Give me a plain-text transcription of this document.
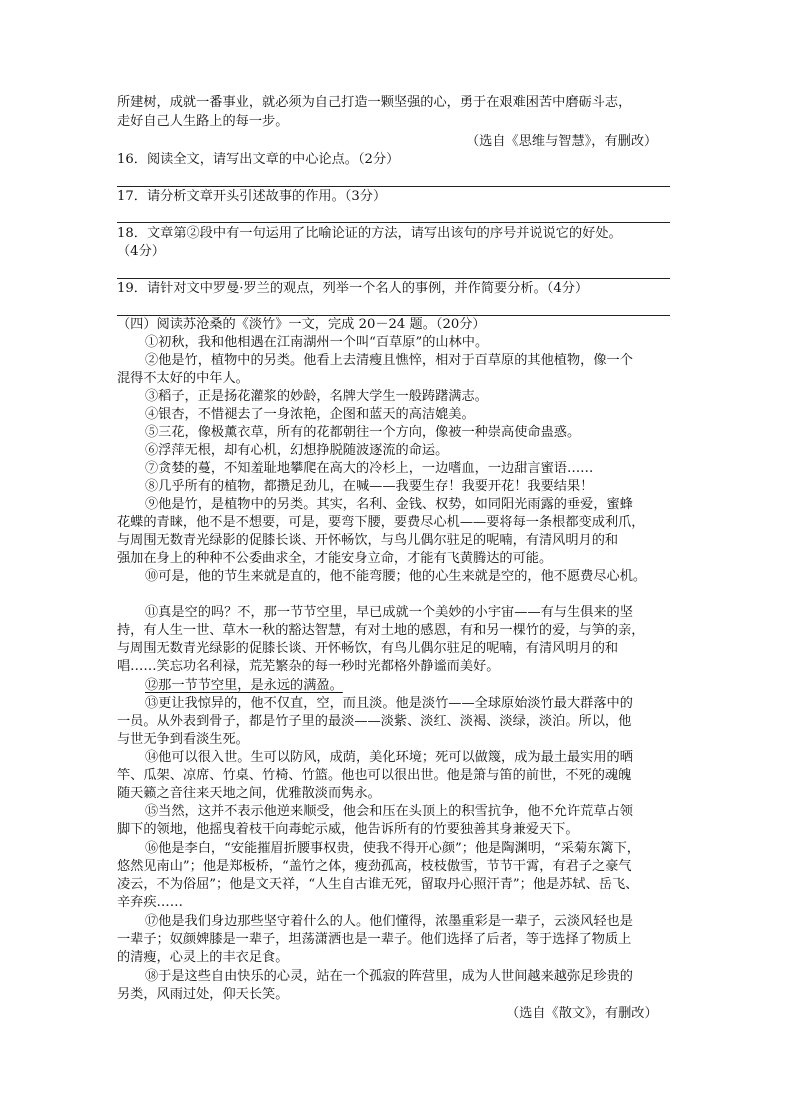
所建树，成就一番事业，就必须为自己打造一颗坚强的心，勇于在艰难困苦中磨砺斗志，
走好自己人生路上的每一步。
（选自《思维与智慧》，有删改）
16．阅读全文，请写出文章的中心论点。（2分）
17．请分析文章开头引述故事的作用。（3分）
18．文章第②段中有一句运用了比喻论证的方法，请写出该句的序号并说说它的好处。
（4分）
19．请针对文中罗曼·罗兰的观点，列举一个名人的事例，并作简要分析。（4分）
（四）阅读苏沧桑的《淡竹》一文，完成 20－24 题。（20分）
①初秋，我和他相遇在江南湖州一个叫“百草原”的山林中。
②他是竹，植物中的另类。他看上去清瘦且憔悴，相对于百草原的其他植物，像一个
混得不太好的中年人。
③稻子，正是扬花灌浆的妙龄，名牌大学生一般踌躇满志。
④银杏，不惜褪去了一身浓艳，企图和蓝天的高洁媲美。
⑤三花，像极薰衣草，所有的花都朝往一个方向，像被一种崇高使命蛊惑。
⑥浮萍无根，却有心机，幻想挣脱随波逐流的命运。
⑦贪婪的蔓，不知羞耻地攀爬在高大的冷杉上，一边嗜血，一边甜言蜜语……
⑧几乎所有的植物，都攒足劲儿，在喊——我要生存！我要开花！我要结果！
⑨他是竹，是植物中的另类。其实，名利、金钱、权势，如同阳光雨露的垂爱，蜜蜂
花蝶的青睐，他不是不想要，可是，要弯下腰，要费尽心机——要将每一条根都变成利爪，
与周围无数青光绿影的促膝长谈、开怀畅饮，与鸟儿偶尔驻足的呢喃，有清风明月的和
强加在身上的种种不公委曲求全，才能安身立命，才能有飞黄腾达的可能。
⑩可是，他的节生来就是直的，他不能弯腰；他的心生来就是空的，他不愿费尽心机。
⑪真是空的吗？不，那一节节空里，早已成就一个美妙的小宇宙——有与生俱来的坚
持，有人生一世、草木一秋的豁达智慧，有对土地的感恩，有和另一棵竹的爱，与笋的亲，
与周围无数青光绿影的促膝长谈、开怀畅饮，有鸟儿偶尔驻足的呢喃，有清风明月的和
唱……笑忘功名利禄，荒芜繁杂的每一秒时光都格外静谧而美好。
⑫那一节节空里，是永远的满盈。
⑬更让我惊异的，他不仅直，空，而且淡。他是淡竹——全球原始淡竹最大群落中的
一员。从外表到骨子，都是竹子里的最淡——淡紫、淡红、淡褐、淡绿，淡泊。所以，他
与世无争到看淡生死。
⑭他可以很入世。生可以防风，成荫，美化环境；死可以做篾，成为最土最实用的晒
竿、瓜架、凉席、竹桌、竹椅、竹篮。他也可以很出世。他是箫与笛的前世，不死的魂魄
随天籁之音往来天地之间，优雅散淡而隽永。
⑮当然，这并不表示他逆来顺受，他会和压在头顶上的积雪抗争，他不允许荒草占领
脚下的领地，他摇曳着枝干向毒蛇示威，他告诉所有的竹要独善其身兼爱天下。
⑯他是李白，“安能摧眉折腰事权贵，使我不得开心颜”；他是陶渊明，“采菊东篱下，
悠然见南山”；他是郑板桥，“盖竹之体，瘦劲孤高，枝枝傲雪，节节干霄，有君子之豪气
凌云，不为俗屈”；他是文天祥，“人生自古谁无死，留取丹心照汗青”；他是苏轼、岳飞、
辛弃疾……
⑰他是我们身边那些坚守着什么的人。他们懂得，浓墨重彩是一辈子，云淡风轻也是
一辈子；奴颜婢膝是一辈子，坦荡潇洒也是一辈子。他们选择了后者，等于选择了物质上
的清瘦，心灵上的丰衣足食。
⑱于是这些自由快乐的心灵，站在一个孤寂的阵营里，成为人世间越来越弥足珍贵的
另类，风雨过处，仰天长笑。
（选自《散文》，有删改）
